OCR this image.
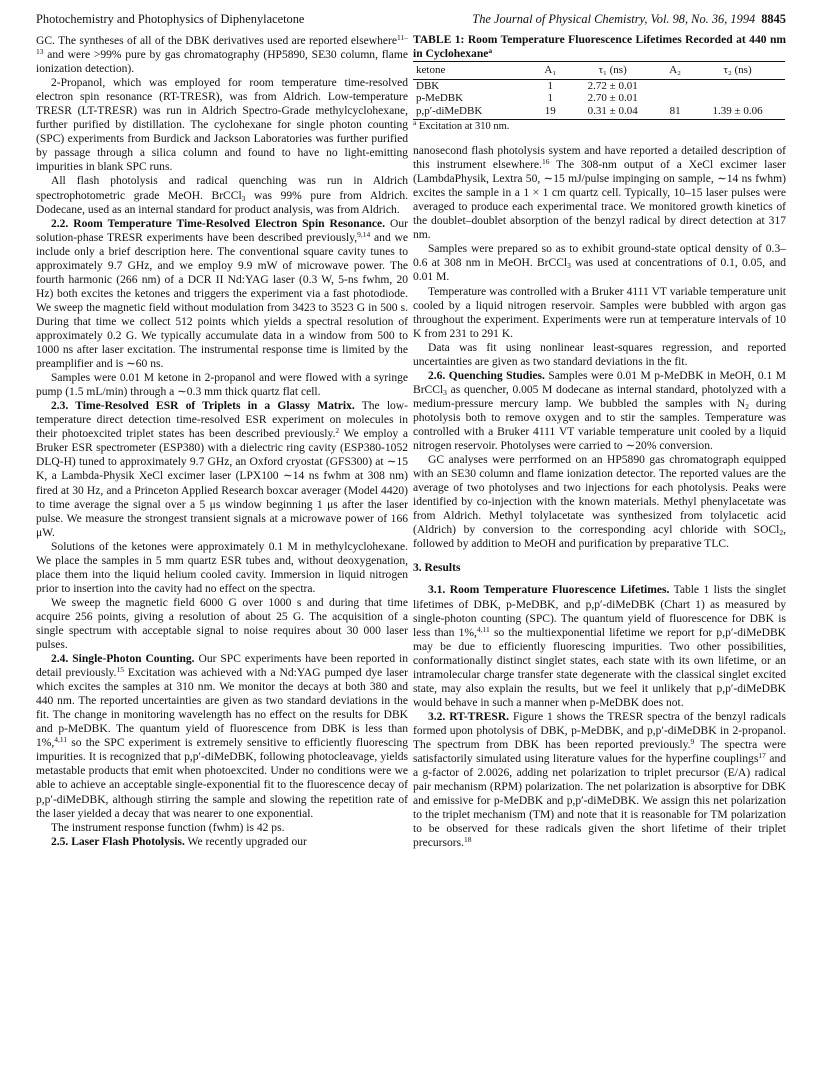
Photochemistry and Photophysics of Diphenylacetone	The Journal of Physical Chemistry, Vol. 98, No. 36, 1994 8845

GC. The syntheses of all of the DBK derivatives used are reported elsewhere$^{11-13}$ and were >99% pure by gas chromatography (HP5890, SE30 column, flame ionization detection).

2-Propanol, which was employed for room temperature time-resolved electron spin resonance (RT-TRESR), was from Aldrich. Low-temperature TRESR (LT-TRESR) was run in Aldrich Spectro-Grade methylcyclohexane, further purified by distillation. The cyclohexane for single photon counting (SPC) experiments from Burdick and Jackson Laboratories was further purified by passage through a silica column and found to have no light-emitting impurities in blank SPC runs.

All flash photolysis and radical quenching was run in Aldrich spectrophotometric grade MeOH. BrCCl$_3$ was 99% pure from Aldrich. Dodecane, used as an internal standard for product analysis, was from Aldrich.

2.2. Room Temperature Time-Resolved Electron Spin Resonance. Our solution-phase TRESR experiments have been described previously,$^{9,14}$ and we include only a brief description here. The conventional square cavity tunes to approximately 9.7 GHz, and we employ 9.9 mW of microwave power. The fourth harmonic (266 nm) of a DCR II Nd:YAG laser (0.3 W, 5-ns fwhm, 20 Hz) both excites the ketones and triggers the experiment via a fast photodiode. We sweep the magnetic field without modulation from 3423 to 3523 G in 500 s. During that time we collect 512 points which yields a spectral resolution of approximately 0.2 G. We typically accumulate data in a window from 500 to 1000 ns after laser excitation. The instrumental response time is limited by the preamplifier and is ∼60 ns.

Samples were 0.01 M ketone in 2-propanol and were flowed with a syringe pump (1.5 mL/min) through a ∼0.3 mm thick quartz flat cell.

2.3. Time-Resolved ESR of Triplets in a Glassy Matrix. The low-temperature direct detection time-resolved ESR experiment on molecules in their photoexcited triplet states has been described previously.$^2$ We employ a Bruker ESR spectrometer (ESP380) with a dielectric ring cavity (ESP380-1052 DLQ-H) tuned to approximately 9.7 GHz, an Oxford cryostat (GFS300) at ∼15 K, a Lambda-Physik XeCl excimer laser (LPX100 ∼14 ns fwhm at 308 nm) fired at 30 Hz, and a Princeton Applied Research boxcar averager (Model 4420) to time average the signal over a 5 μs window beginning 1 μs after the laser pulse. We measure the strongest transient signals at a microwave power of 166 μW.

Solutions of the ketones were approximately 0.1 M in methylcyclohexane. We place the samples in 5 mm quartz ESR tubes and, without deoxygenation, place them into the liquid helium cooled cavity. Immersion in liquid nitrogen prior to insertion into the cavity had no effect on the spectra.

We sweep the magnetic field 6000 G over 1000 s and during that time acquire 256 points, giving a resolution of about 25 G. The acquisition of a single spectrum with acceptable signal to noise requires about 30 000 laser pulses.

2.4. Single-Photon Counting. Our SPC experiments have been reported in detail previously.$^{15}$ Excitation was achieved with a Nd:YAG pumped dye laser which excites the samples at 310 nm. We monitor the decays at both 380 and 440 nm. The reported uncertainties are given as two standard deviations in the fit. The change in monitoring wavelength has no effect on the results for DBK and p-MeDBK. The quantum yield of fluorescence from DBK is less than 1%,$^{4,11}$ so the SPC experiment is extremely sensitive to efficiently fluorescing impurities. It is recognized that p,p′-diMeDBK, following photocleavage, yields metastable products that emit when photoexcited. Under no conditions were we able to achieve an acceptable single-exponential fit to the fluorescence decay of p,p′-diMeDBK, although stirring the sample and slowing the repetition rate of the laser yielded a decay that was nearer to one exponential.

The instrument response function (fwhm) is 42 ps.

2.5. Laser Flash Photolysis. We recently upgraded our

TABLE 1: Room Temperature Fluorescence Lifetimes Recorded at 440 nm in Cyclohexane$^a$

ketone	A₁	τ₁ (ns)	A₂	τ₂ (ns)
DBK	1	2.72 ± 0.01		
p-MeDBK	1	2.70 ± 0.01		
p,p′-diMeDBK	19	0.31 ± 0.04	81	1.39 ± 0.06

$^a$ Excitation at 310 nm.

nanosecond flash photolysis system and have reported a detailed description of this instrument elsewhere.$^{16}$ The 308-nm output of a XeCl excimer laser (LambdaPhysik, Lextra 50, ∼15 mJ/pulse impinging on sample, ∼14 ns fwhm) excites the sample in a 1 × 1 cm quartz cell. Typically, 10–15 laser pulses were averaged to produce each experimental trace. We monitored growth kinetics of the doublet–doublet absorption of the benzyl radical by direct detection at 317 nm.

Samples were prepared so as to exhibit ground-state optical density of 0.3–0.6 at 308 nm in MeOH. BrCCl$_3$ was used at concentrations of 0.1, 0.05, and 0.01 M.

Temperature was controlled with a Bruker 4111 VT variable temperature unit cooled by a liquid nitrogen reservoir. Samples were bubbled with argon gas throughout the experiment. Experiments were run at temperature intervals of 10 K from 231 to 291 K.

Data was fit using nonlinear least-squares regression, and reported uncertainties are given as two standard deviations in the fit.

2.6. Quenching Studies. Samples were 0.01 M p-MeDBK in MeOH, 0.1 M BrCCl$_3$ as quencher, 0.005 M dodecane as internal standard, photolyzed with a medium-pressure mercury lamp. We bubbled the samples with $N_2$ during photolysis both to remove oxygen and to stir the samples. Temperature was controlled with a Bruker 4111 VT variable temperature unit cooled by a liquid nitrogen reservoir. Photolyses were carried to ∼20% conversion.

GC analyses were perrformed on an HP5890 gas chromatograph equipped with an SE30 column and flame ionization detector. The reported values are the average of two photolyses and two injections for each photolysis. Peaks were identified by co-injection with the known materials. Methyl phenylacetate was from Aldrich. Methyl tolylacetate was synthesized from tolylacetic acid (Aldrich) by conversion to the corresponding acyl chloride with SOCl$_2$, followed by addition to MeOH and purification by preparative TLC.

3. Results

3.1. Room Temperature Fluorescence Lifetimes. Table 1 lists the singlet lifetimes of DBK, p-MeDBK, and p,p′-diMeDBK (Chart 1) as measured by single-photon counting (SPC). The quantum yield of fluorescence for DBK is less than 1%,$^{4,11}$ so the multiexponential lifetime we report for p,p′-diMeDBK may be due to efficiently fluorescing impurities. Two other possibilities, conformationally distinct singlet states, each state with its own lifetime, or an intramolecular charge transfer state degenerate with the classical singlet excited state, may also explain the results, but we feel it unlikely that p,p′-diMeDBK would behave in such a manner when p-MeDBK does not.

3.2. RT-TRESR. Figure 1 shows the TRESR spectra of the benzyl radicals formed upon photolysis of DBK, p-MeDBK, and p,p′-diMeDBK in 2-propanol. The spectrum from DBK has been reported previously.$^9$ The spectra were satisfactorily simulated using literature values for the hyperfine couplings$^{17}$ and a g-factor of 2.0026, adding net polarization to triplet precursor (E/A) radical pair mechanism (RPM) polarization. The net polarization is absorptive for DBK and emissive for p-MeDBK and p,p′-diMeDBK. We assign this net polarization to the triplet mechanism (TM) and note that it is reasonable for TM polarization to be observed for these radicals given the short lifetime of their triplet precursors.$^{18}$
